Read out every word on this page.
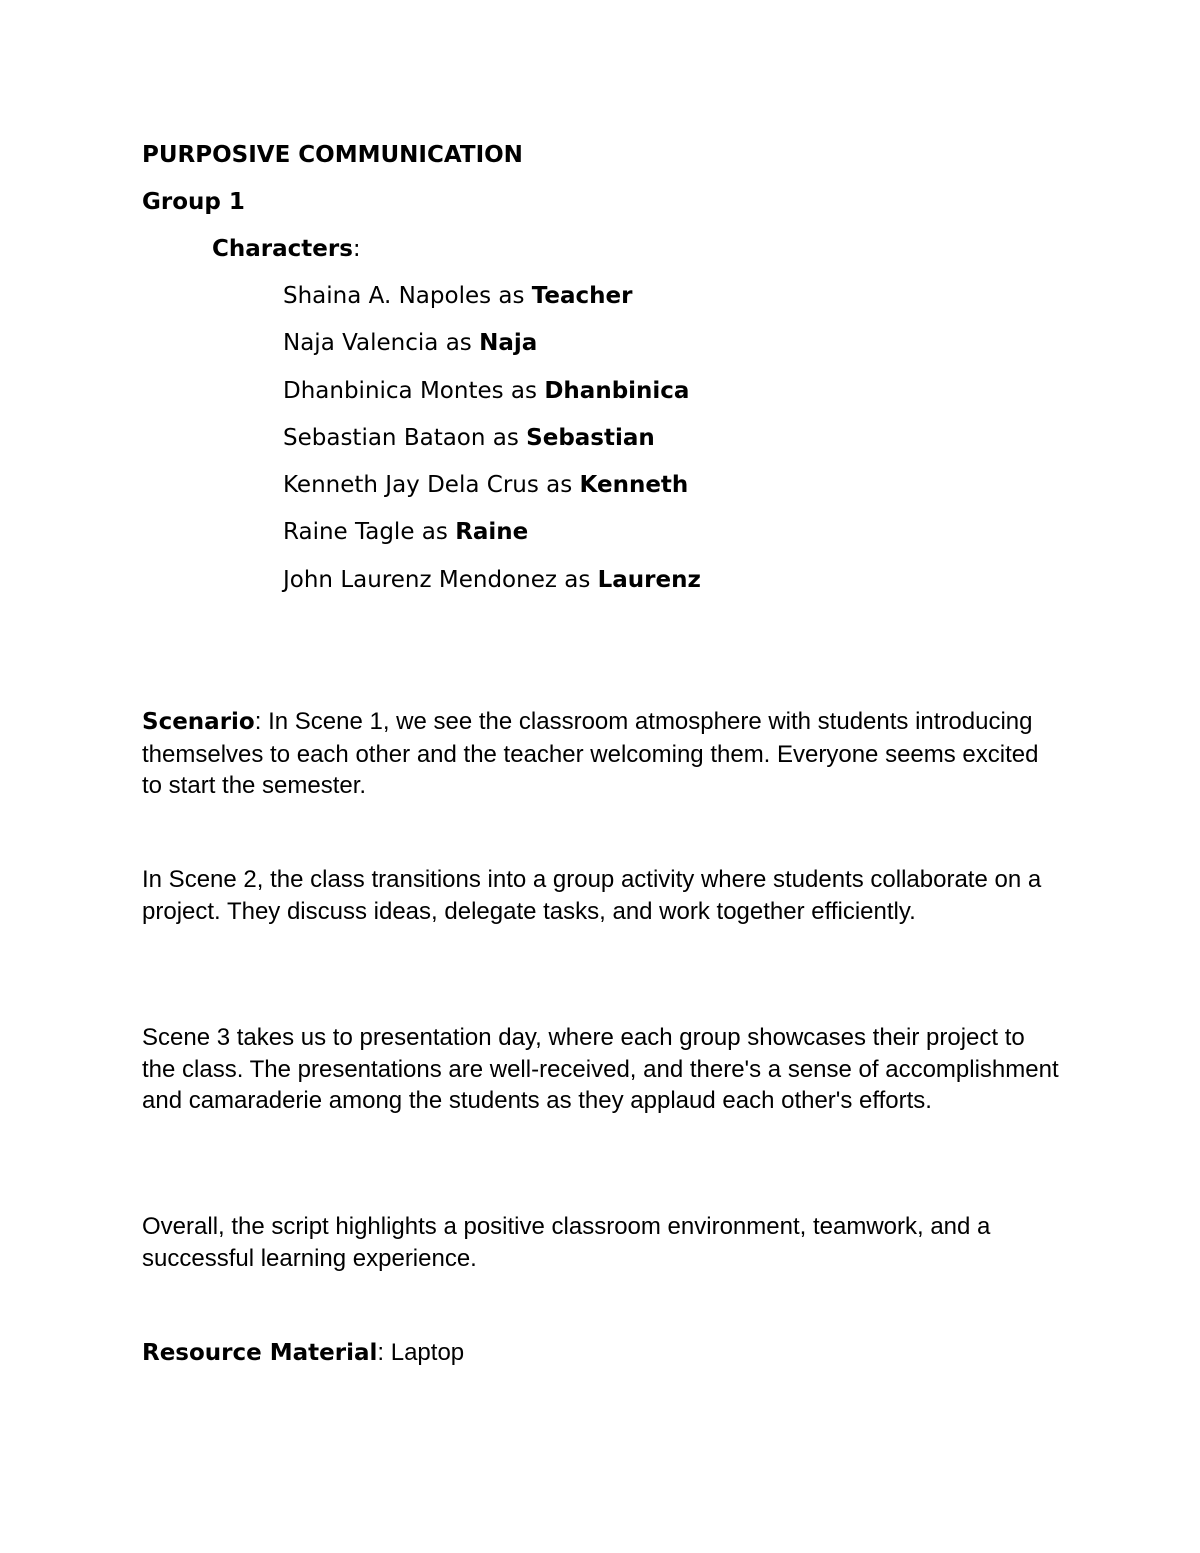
PURPOSIVE COMMUNICATION
Group 1
Characters:
Shaina A. Napoles as Teacher
Naja Valencia as Naja
Dhanbinica Montes as Dhanbinica
Sebastian Bataon as Sebastian
Kenneth Jay Dela Crus as Kenneth
Raine Tagle as Raine
John Laurenz Mendonez as Laurenz

Scenario: In Scene 1, we see the classroom atmosphere with students introducing themselves to each other and the teacher welcoming them. Everyone seems excited to start the semester.

In Scene 2, the class transitions into a group activity where students collaborate on a project. They discuss ideas, delegate tasks, and work together efficiently.

Scene 3 takes us to presentation day, where each group showcases their project to the class. The presentations are well-received, and there's a sense of accomplishment and camaraderie among the students as they applaud each other's efforts.

Overall, the script highlights a positive classroom environment, teamwork, and a successful learning experience.

Resource Material: Laptop
